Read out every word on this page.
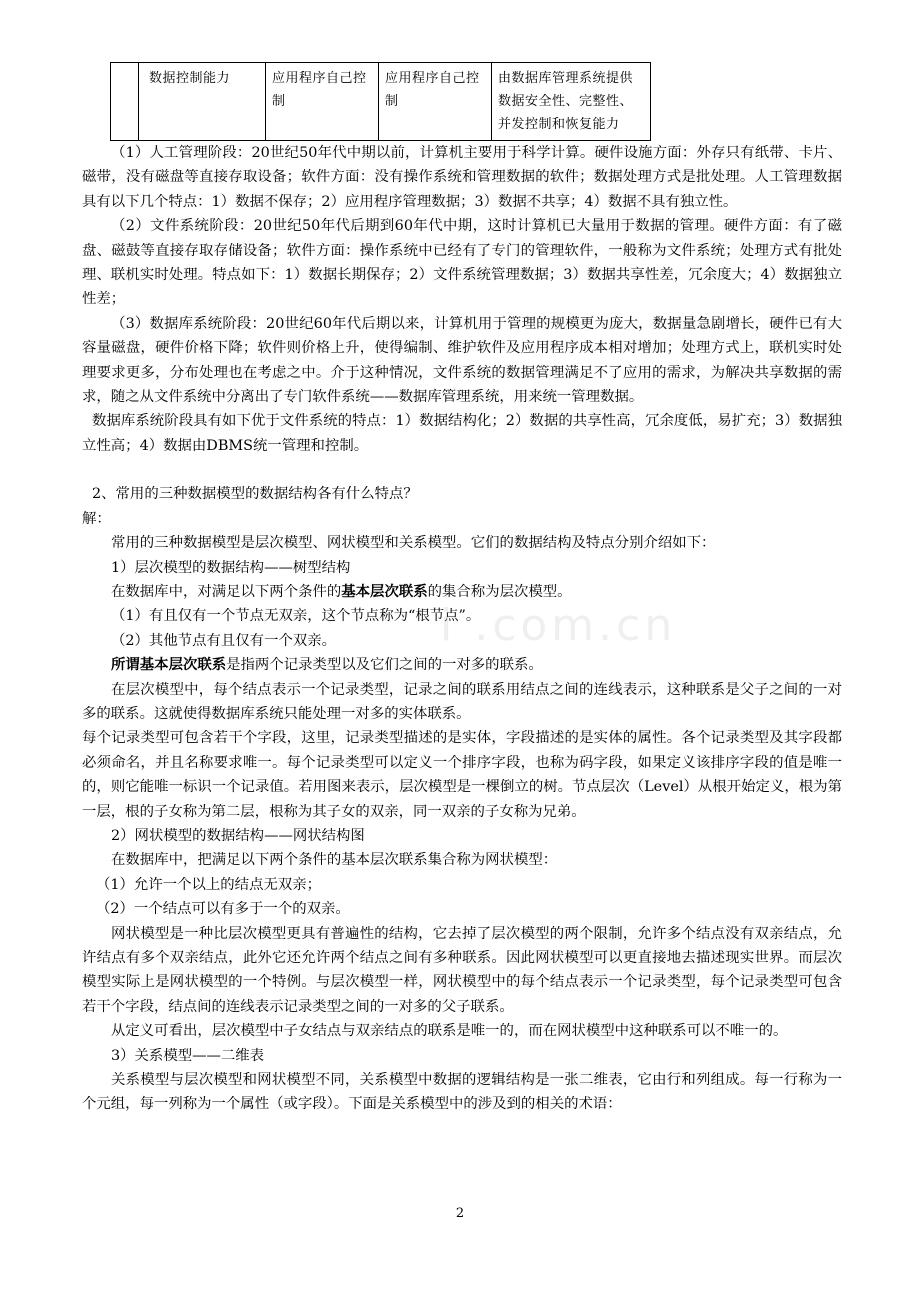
	数据控制能力	应用程序自己控制	应用程序自己控制	由数据库管理系统提供数据安全性、完整性、并发控制和恢复能力

（1）人工管理阶段：20世纪50年代中期以前，计算机主要用于科学计算。硬件设施方面：外存只有纸带、卡片、磁带，没有磁盘等直接存取设备；软件方面：没有操作系统和管理数据的软件；数据处理方式是批处理。人工管理数据具有以下几个特点：1）数据不保存；2）应用程序管理数据；3）数据不共享；4）数据不具有独立性。

（2）文件系统阶段：20世纪50年代后期到60年代中期，这时计算机已大量用于数据的管理。硬件方面：有了磁盘、磁鼓等直接存取存储设备；软件方面：操作系统中已经有了专门的管理软件，一般称为文件系统；处理方式有批处理、联机实时处理。特点如下：1）数据长期保存；2）文件系统管理数据；3）数据共享性差，冗余度大；4）数据独立性差；

（3）数据库系统阶段：20世纪60年代后期以来，计算机用于管理的规模更为庞大，数据量急剧增长，硬件已有大容量磁盘，硬件价格下降；软件则价格上升，使得编制、维护软件及应用程序成本相对增加；处理方式上，联机实时处理要求更多，分布处理也在考虑之中。介于这种情况，文件系统的数据管理满足不了应用的需求，为解决共享数据的需求，随之从文件系统中分离出了专门软件系统——数据库管理系统，用来统一管理数据。

数据库系统阶段具有如下优于文件系统的特点：1）数据结构化；2）数据的共享性高，冗余度低，易扩充；3）数据独立性高；4）数据由DBMS统一管理和控制。

2、常用的三种数据模型的数据结构各有什么特点？

解：

常用的三种数据模型是层次模型、网状模型和关系模型。它们的数据结构及特点分别介绍如下：

1）层次模型的数据结构——树型结构

在数据库中，对满足以下两个条件的基本层次联系的集合称为层次模型。

（1）有且仅有一个节点无双亲，这个节点称为“根节点”。

（2）其他节点有且仅有一个双亲。

所谓基本层次联系是指两个记录类型以及它们之间的一对多的联系。

在层次模型中，每个结点表示一个记录类型，记录之间的联系用结点之间的连线表示，这种联系是父子之间的一对多的联系。这就使得数据库系统只能处理一对多的实体联系。

每个记录类型可包含若干个字段，这里，记录类型描述的是实体，字段描述的是实体的属性。各个记录类型及其字段都必须命名，并且名称要求唯一。每个记录类型可以定义一个排序字段，也称为码字段，如果定义该排序字段的值是唯一的，则它能唯一标识一个记录值。若用图来表示，层次模型是一棵倒立的树。节点层次（Level）从根开始定义，根为第一层，根的子女称为第二层，根称为其子女的双亲，同一双亲的子女称为兄弟。

2）网状模型的数据结构——网状结构图

在数据库中，把满足以下两个条件的基本层次联系集合称为网状模型：

（1）允许一个以上的结点无双亲；

（2）一个结点可以有多于一个的双亲。

网状模型是一种比层次模型更具有普遍性的结构，它去掉了层次模型的两个限制，允许多个结点没有双亲结点，允许结点有多个双亲结点，此外它还允许两个结点之间有多种联系。因此网状模型可以更直接地去描述现实世界。而层次模型实际上是网状模型的一个特例。与层次模型一样，网状模型中的每个结点表示一个记录类型，每个记录类型可包含若干个字段，结点间的连线表示记录类型之间的一对多的父子联系。

从定义可看出，层次模型中子女结点与双亲结点的联系是唯一的，而在网状模型中这种联系可以不唯一的。

3）关系模型——二维表

关系模型与层次模型和网状模型不同，关系模型中数据的逻辑结构是一张二维表，它由行和列组成。每一行称为一个元组，每一列称为一个属性（或字段）。下面是关系模型中的涉及到的相关的术语：

i .com.cn
2
